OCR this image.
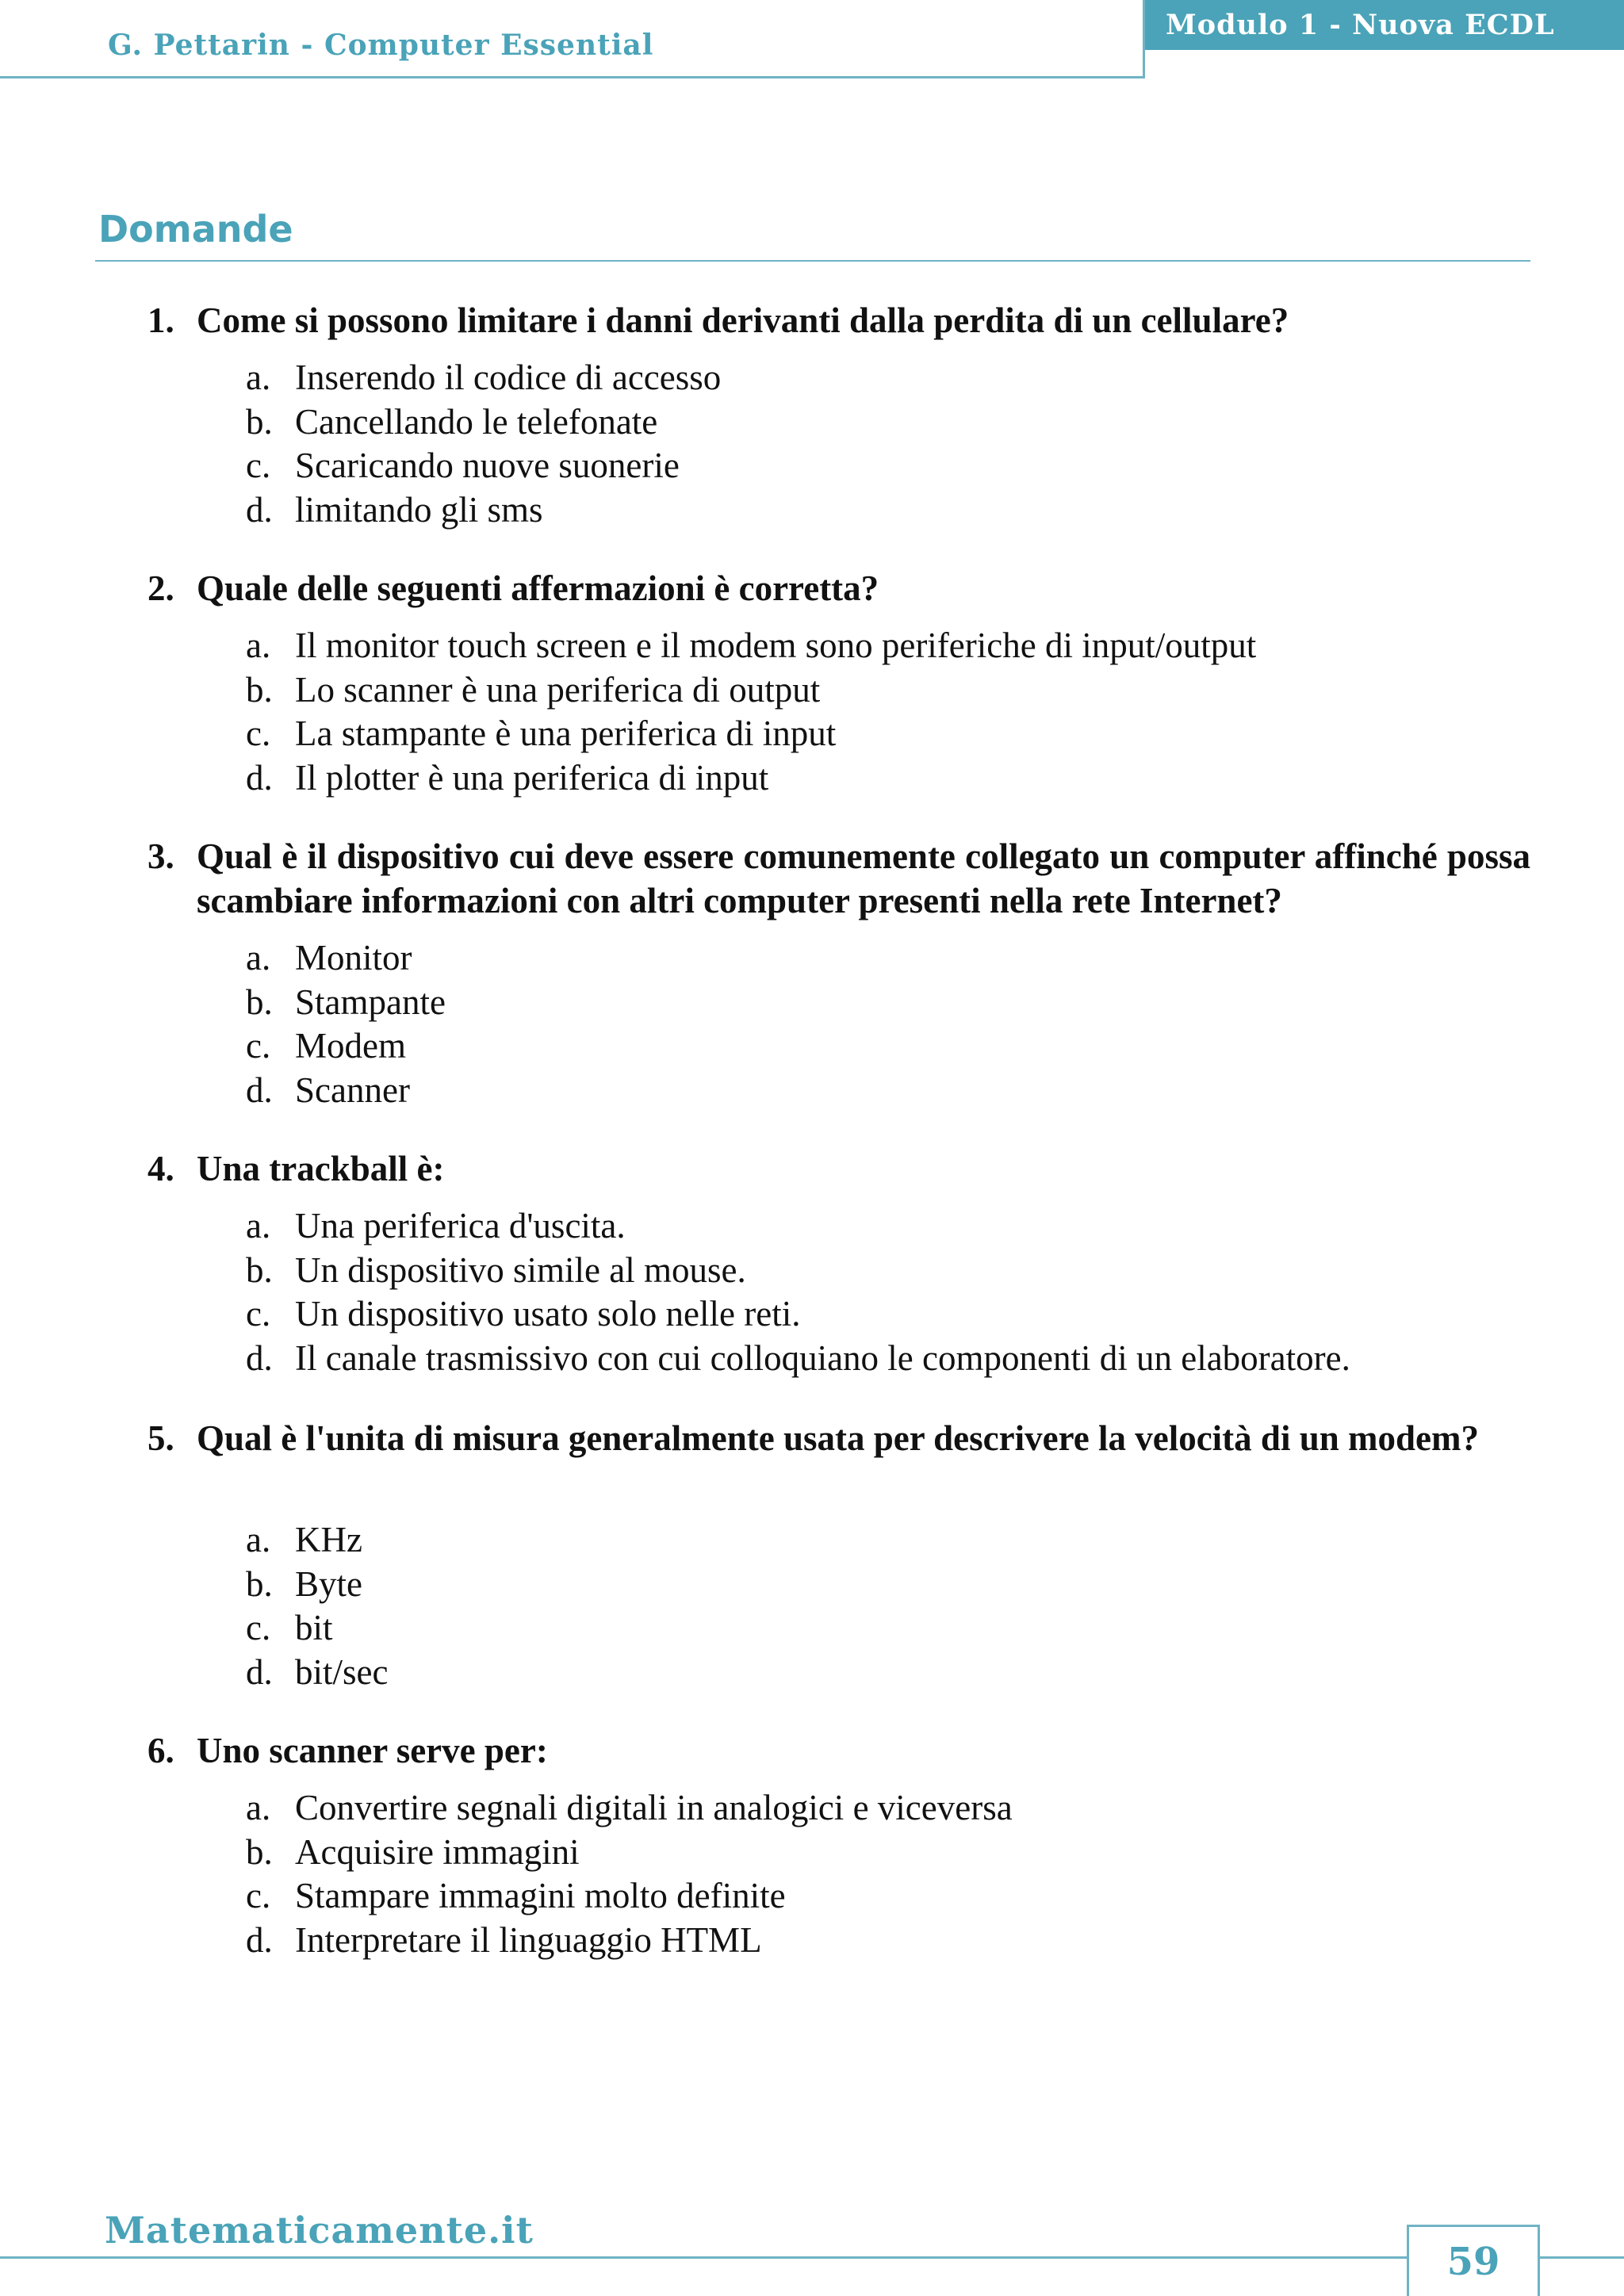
G. Pettarin - Computer Essential
Modulo 1 - Nuova ECDL
Domande
1. Come si possono limitare i danni derivanti dalla perdita di un cellulare?
a. Inserendo il codice di accesso
b. Cancellando le telefonate
c. Scaricando nuove suonerie
d. limitando gli sms
2. Quale delle seguenti affermazioni è corretta?
a. Il monitor touch screen e il modem sono periferiche di input/output
b. Lo scanner è una periferica di output
c. La stampante è una periferica di input
d. Il plotter è una periferica di input
3. Qual è il dispositivo cui deve essere comunemente collegato un computer affinché possa scambiare informazioni con altri computer presenti nella rete Internet?
a. Monitor
b. Stampante
c. Modem
d. Scanner
4. Una trackball è:
a. Una periferica d'uscita.
b. Un dispositivo simile al mouse.
c. Un dispositivo usato solo nelle reti.
d. Il canale trasmissivo con cui colloquiano le componenti di un elaboratore.
5. Qual è l'unita di misura generalmente usata per descrivere la velocità di un modem?
a. KHz
b. Byte
c. bit
d. bit/sec
6. Uno scanner serve per:
a. Convertire segnali digitali in analogici e viceversa
b. Acquisire immagini
c. Stampare immagini molto definite
d. Interpretare il linguaggio HTML
Matematicamente.it
59
